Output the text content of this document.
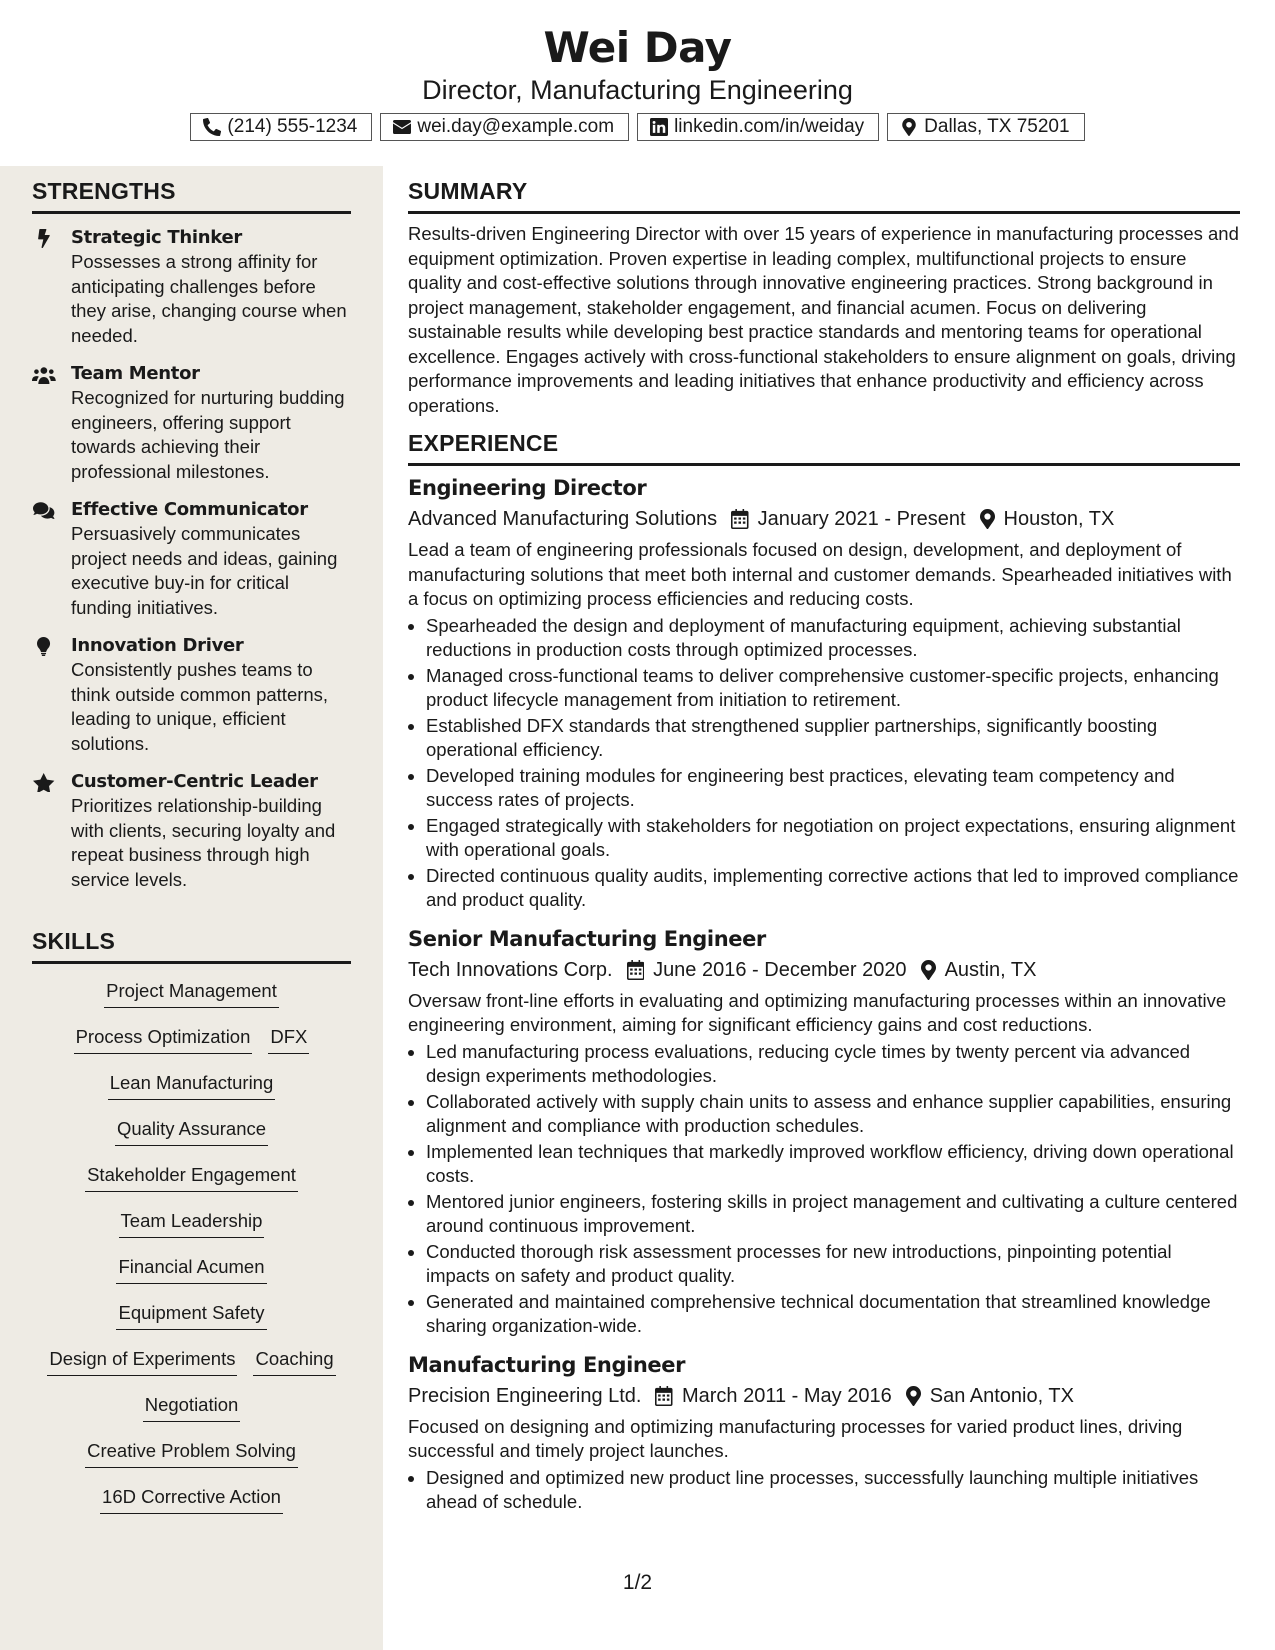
Wei Day
Director, Manufacturing Engineering
(214) 555-1234	wei.day@example.com	linkedin.com/in/weiday	Dallas, TX 75201
STRENGTHS
Strategic Thinker
Possesses a strong affinity for anticipating challenges before they arise, changing course when needed.
Team Mentor
Recognized for nurturing budding engineers, offering support towards achieving their professional milestones.
Effective Communicator
Persuasively communicates project needs and ideas, gaining executive buy-in for critical funding initiatives.
Innovation Driver
Consistently pushes teams to think outside common patterns, leading to unique, efficient solutions.
Customer-Centric Leader
Prioritizes relationship-building with clients, securing loyalty and repeat business through high service levels.
SKILLS
Project Management
Process Optimization DFX
Lean Manufacturing
Quality Assurance
Stakeholder Engagement
Team Leadership
Financial Acumen
Equipment Safety
Design of Experiments Coaching
Negotiation
Creative Problem Solving
16D Corrective Action
SUMMARY
Results-driven Engineering Director with over 15 years of experience in manufacturing processes and equipment optimization. Proven expertise in leading complex, multifunctional projects to ensure quality and cost-effective solutions through innovative engineering practices. Strong background in project management, stakeholder engagement, and financial acumen. Focus on delivering sustainable results while developing best practice standards and mentoring teams for operational excellence. Engages actively with cross-functional stakeholders to ensure alignment on goals, driving performance improvements and leading initiatives that enhance productivity and efficiency across operations.
EXPERIENCE
Engineering Director
Advanced Manufacturing Solutions January 2021 - Present Houston, TX
Lead a team of engineering professionals focused on design, development, and deployment of manufacturing solutions that meet both internal and customer demands. Spearheaded initiatives with a focus on optimizing process efficiencies and reducing costs.
• Spearheaded the design and deployment of manufacturing equipment, achieving substantial reductions in production costs through optimized processes.
• Managed cross-functional teams to deliver comprehensive customer-specific projects, enhancing product lifecycle management from initiation to retirement.
• Established DFX standards that strengthened supplier partnerships, significantly boosting operational efficiency.
• Developed training modules for engineering best practices, elevating team competency and success rates of projects.
• Engaged strategically with stakeholders for negotiation on project expectations, ensuring alignment with operational goals.
• Directed continuous quality audits, implementing corrective actions that led to improved compliance and product quality.
Senior Manufacturing Engineer
Tech Innovations Corp. June 2016 - December 2020 Austin, TX
Oversaw front-line efforts in evaluating and optimizing manufacturing processes within an innovative engineering environment, aiming for significant efficiency gains and cost reductions.
• Led manufacturing process evaluations, reducing cycle times by twenty percent via advanced design experiments methodologies.
• Collaborated actively with supply chain units to assess and enhance supplier capabilities, ensuring alignment and compliance with production schedules.
• Implemented lean techniques that markedly improved workflow efficiency, driving down operational costs.
• Mentored junior engineers, fostering skills in project management and cultivating a culture centered around continuous improvement.
• Conducted thorough risk assessment processes for new introductions, pinpointing potential impacts on safety and product quality.
• Generated and maintained comprehensive technical documentation that streamlined knowledge sharing organization-wide.
Manufacturing Engineer
Precision Engineering Ltd. March 2011 - May 2016 San Antonio, TX
Focused on designing and optimizing manufacturing processes for varied product lines, driving successful and timely project launches.
• Designed and optimized new product line processes, successfully launching multiple initiatives ahead of schedule.
1/2
